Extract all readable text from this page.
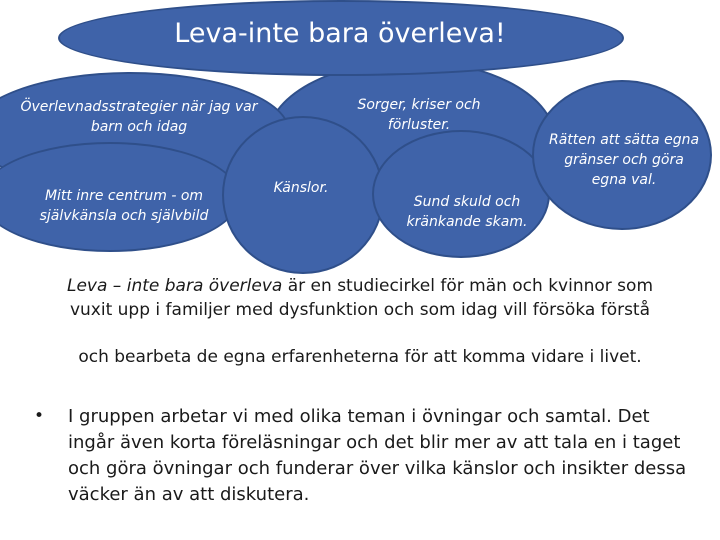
Leva-inte bara överleva!
Överlevnadsstrategier när jag var barn och idag
Sorger, kriser och förluster.
Mitt inre centrum - om självkänsla och självbild
Känslor.
Sund skuld och kränkande skam.
Rätten att sätta egna gränser och göra egna val.
Leva – inte bara överleva är en studiecirkel för män och kvinnor som
vuxit upp i familjer med dysfunktion och som idag vill försöka förstå
och bearbeta de egna erfarenheterna för att komma vidare i livet.
• I gruppen arbetar vi med olika teman i övningar och samtal. Det ingår även korta föreläsningar och det blir mer av att tala en i taget och göra övningar och funderar över vilka känslor och insikter dessa väcker än av att diskutera.
